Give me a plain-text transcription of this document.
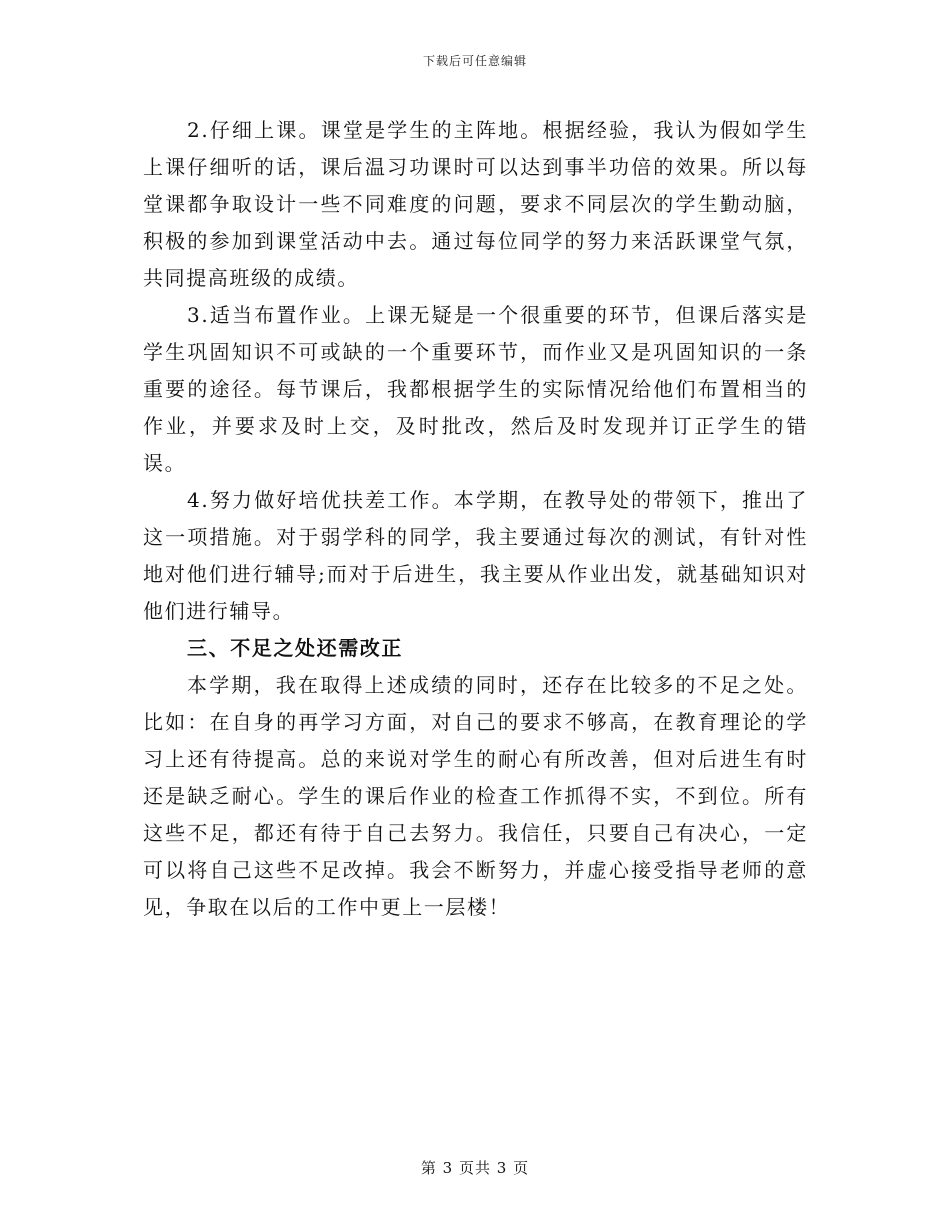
下载后可任意编辑

2.仔细上课。课堂是学生的主阵地。根据经验，我认为假如学生上课仔细听的话，课后温习功课时可以达到事半功倍的效果。所以每堂课都争取设计一些不同难度的问题，要求不同层次的学生勤动脑，积极的参加到课堂活动中去。通过每位同学的努力来活跃课堂气氛，共同提高班级的成绩。

3.适当布置作业。上课无疑是一个很重要的环节，但课后落实是学生巩固知识不可或缺的一个重要环节，而作业又是巩固知识的一条重要的途径。每节课后，我都根据学生的实际情况给他们布置相当的作业，并要求及时上交，及时批改，然后及时发现并订正学生的错误。

4.努力做好培优扶差工作。本学期，在教导处的带领下，推出了这一项措施。对于弱学科的同学，我主要通过每次的测试，有针对性地对他们进行辅导;而对于后进生，我主要从作业出发，就基础知识对他们进行辅导。

三、不足之处还需改正

本学期，我在取得上述成绩的同时，还存在比较多的不足之处。比如：在自身的再学习方面，对自己的要求不够高，在教育理论的学习上还有待提高。总的来说对学生的耐心有所改善，但对后进生有时还是缺乏耐心。学生的课后作业的检查工作抓得不实，不到位。所有这些不足，都还有待于自己去努力。我信任，只要自己有决心，一定可以将自己这些不足改掉。我会不断努力，并虚心接受指导老师的意见，争取在以后的工作中更上一层楼！

第 3 页共 3 页
